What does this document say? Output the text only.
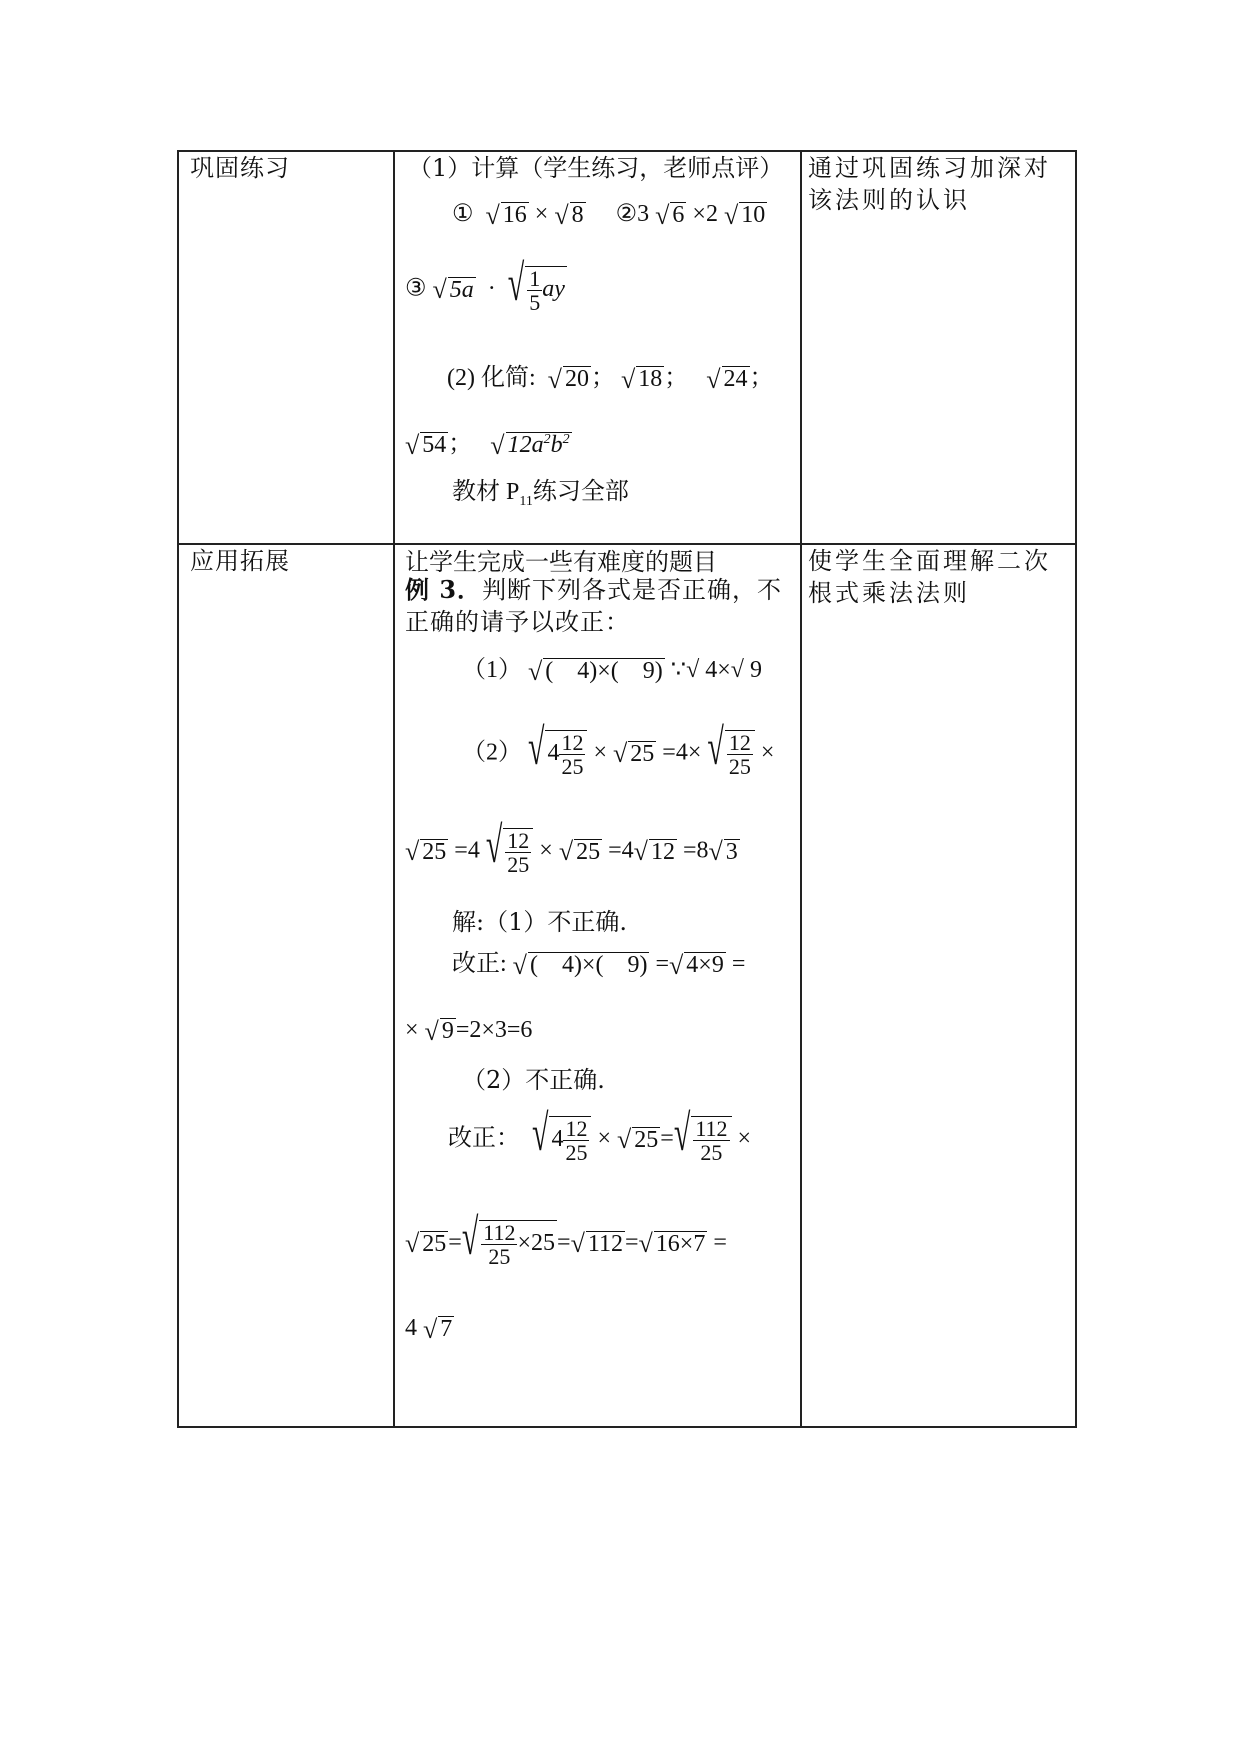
巩固练习	（1）计算（学生练习，老师点评）
① √ 16 × √ 8 ②3 √ 6 ×2 √ 10
③ √ 5a · √ $\frac{1}{5}$ ay
(2) 化简: √ 20 ； √ 18 ； √ 24 ；
√ 54 ； √ $12a^2b^2$
教材 $P_{11}$练习全部
通过巩固练习加深对该法则的认识
应用拓展	让学生完成一些有难度的题目
例 3．判断下列各式是否正确，不正确的请予以改正：
（1） √ (　4)×(　9) ∵√ 4×√ 9
（2） √ $4 \frac{12}{25}$ × √ 25 =4× √ $\frac{12}{25}$ ×
√ 25 =4 √ $\frac{12}{25}$ × √ 25 =4 √ 12 =8 √ 3
解:（1）不正确.
改正: √ (　4)×(　9) = √ 4×9 =
× √ 9 =2×3=6
（2）不正确.
改正： √ $4 \frac{12}{25}$ × √ 25 = √ $\frac{112}{25}$ ×
√ 25 = √ $\frac{112}{25} \times 25$ = √ 112 = √ 16×7 =
4 √ 7
使学生全面理解二次根式乘法法则
